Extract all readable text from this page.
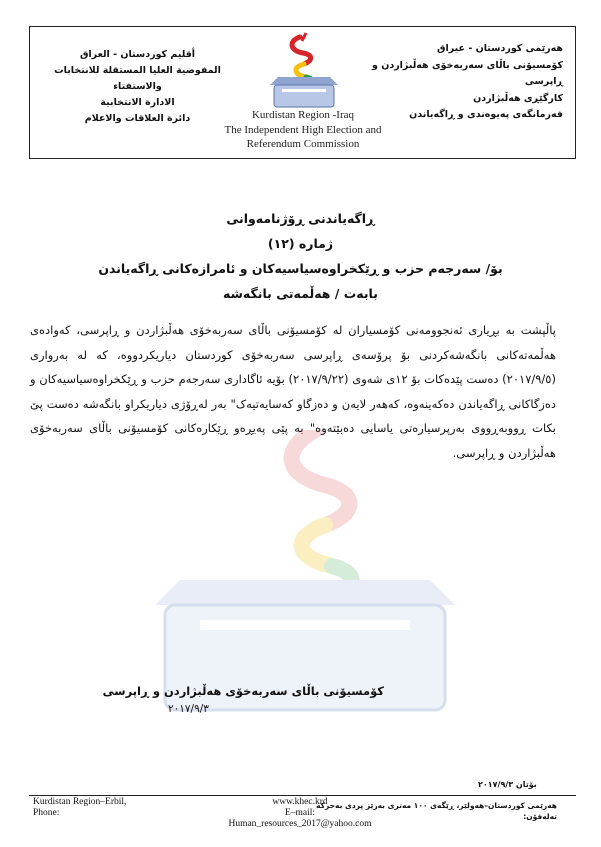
أقليم كوردستان - العراق
المفوضية العليا المستقلة للانتخابات والاستفتاء
الادارة الانتخابية
دائرة العلاقات والاعلام	Kurdistan Region -Iraq
The Independent High Election and
Referendum Commission
هەرێمی کوردستان - عیراق
کۆمسیۆنی باڵای سەربەخۆی هەڵبژاردن و ڕاپرسی
کارگێڕی هەڵبژاردن
فەرمانگەی پەیوەندی و ڕاگەیاندن
ڕاگەیاندنی ڕۆژنامەوانی
ژمارە (١٢)
بۆ/ سەرجەم حزب و ڕێکخراوەسیاسیەکان و ئامرازەکانی ڕاگەیاندن
بابەت / هەڵمەتی بانگەشە

پاڵپشت بە بڕیاری ئەنجوومەنی کۆمسیاران لە کۆمسیۆنی باڵای سەربەخۆی هەڵبژاردن و ڕاپرسی، کەوادەی هەڵمەتەکانی بانگەشەکردنی بۆ پرۆسەی ڕاپرسی سەربەخۆی کوردستان دیاریکردووە، کە لە بەرواری (٢٠١٧/٩/٥) دەست پێدەکات بۆ ١٢ی شەوی (٢٠١٧/٩/٢٢) بۆیە ئاگاداری سەرجەم حزب و ڕێکخراوەسیاسیەکان و دەزگاکانی ڕاگەیاندن دەکەینەوە، کەهەر لایەن و دەزگاو کەسایەتیەک" بەر لەڕۆژی دیاریکراو بانگەشە دەست پێ بکات ڕووبەڕووی بەرپرسیارەتی یاسایی دەبێتەوە" بە پێی پەیڕەو ڕێکارەکانی کۆمسیۆنی باڵای سەربەخۆی هەڵبژاردن و ڕاپرسی.

کۆمسیۆنی باڵای سەربەخۆی هەڵبژاردن و ڕاپرسی
٢٠١٧/٩/٣
بۆتان ٢٠١٧/٩/٣
Kurdistan Region–Erbil,
Phone:
www.khec.krd
E–mail: Human_resources_2017@yahoo.com
هەرێمی کوردستان–هەولێر، ڕێگەی ١٠٠ مەتری بەرێز پردی بەحرکە
تەلەفۆن:
